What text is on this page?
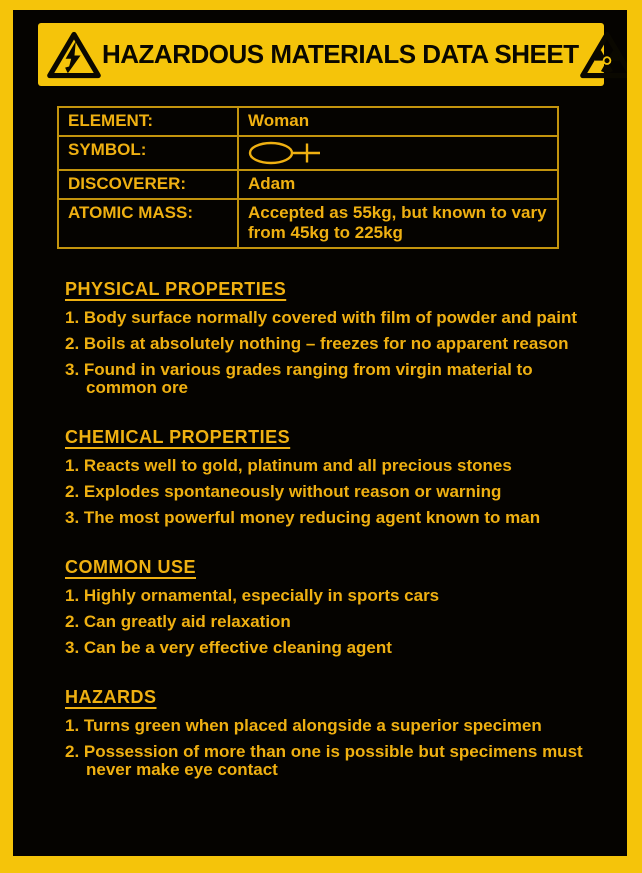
HAZARDOUS MATERIALS DATA SHEET
ELEMENT:	Woman
SYMBOL:	

DISCOVERER:	Adam
ATOMIC MASS:	Accepted as 55kg, but known to vary from 45kg to 225kg
PHYSICAL PROPERTIES
1. Body surface normally covered with film of powder and paint
2. Boils at absolutely nothing – freezes for no apparent reason
3. Found in various grades ranging from virgin material to common ore
CHEMICAL PROPERTIES
1. Reacts well to gold, platinum and all precious stones
2. Explodes spontaneously without reason or warning
3. The most powerful money reducing agent known to man
COMMON USE
1. Highly ornamental, especially in sports cars
2. Can greatly aid relaxation
3. Can be a very effective cleaning agent
HAZARDS
1. Turns green when placed alongside a superior specimen
2. Possession of more than one is possible but specimens must never make eye contact
